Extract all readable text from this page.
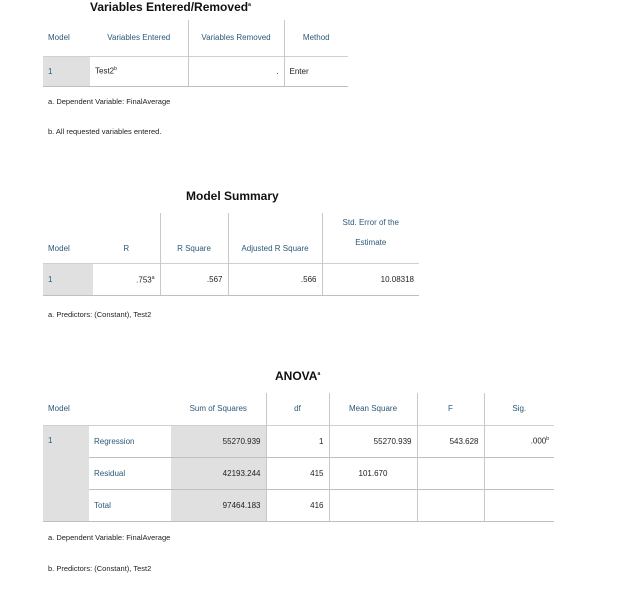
Variables Entered/Removed$^a$
Model	Variables Entered	Variables Removed	Method
1	Test2$^b$	.	Enter
a. Dependent Variable: FinalAverage
b. All requested variables entered.
Model Summary
Model	R	R Square	Adjusted R Square	Std. Error of the
Estimate
1	.753$^a$	.567	.566	10.08318
a. Predictors: (Constant), Test2
ANOVA$^a$
Model		Sum of Squares	df	Mean Square	F	Sig.
1	Regression	55270.939	1	55270.939	543.628	.000$^b$
	Residual	42193.244	415	101.670		
	Total	97464.183	416			
a. Dependent Variable: FinalAverage
b. Predictors: (Constant), Test2
